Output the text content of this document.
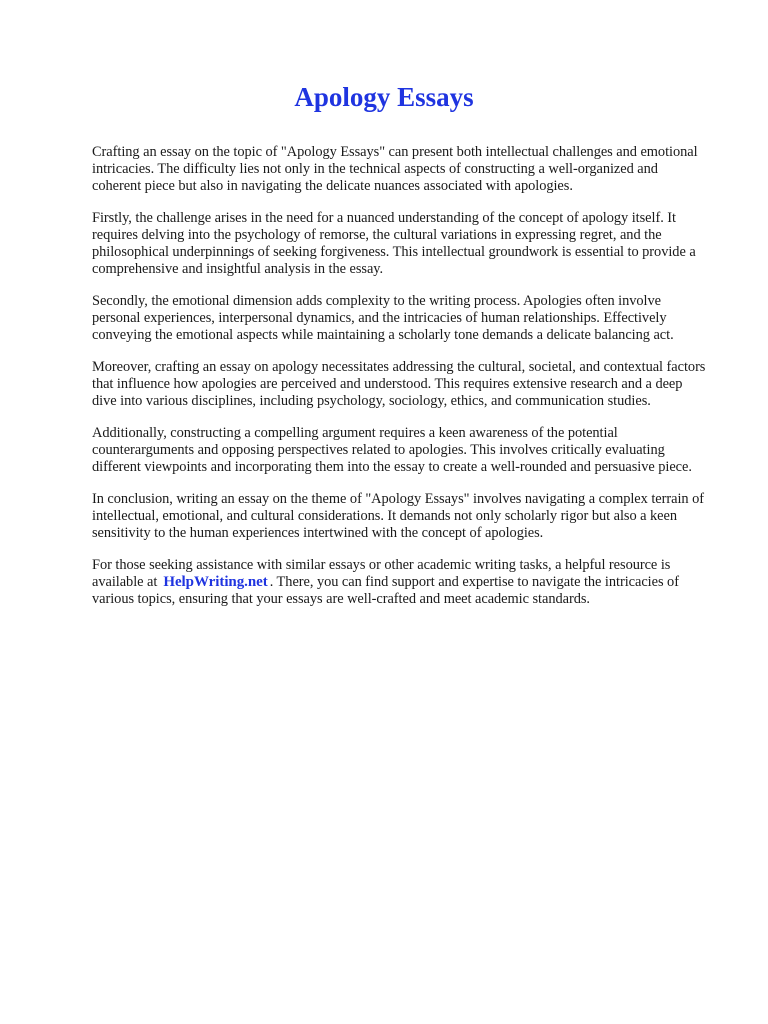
Apology Essays

Crafting an essay on the topic of "Apology Essays" can present both intellectual challenges and emotional intricacies. The difficulty lies not only in the technical aspects of constructing a well-organized and coherent piece but also in navigating the delicate nuances associated with apologies.

Firstly, the challenge arises in the need for a nuanced understanding of the concept of apology itself. It requires delving into the psychology of remorse, the cultural variations in expressing regret, and the philosophical underpinnings of seeking forgiveness. This intellectual groundwork is essential to provide a comprehensive and insightful analysis in the essay.

Secondly, the emotional dimension adds complexity to the writing process. Apologies often involve personal experiences, interpersonal dynamics, and the intricacies of human relationships. Effectively conveying the emotional aspects while maintaining a scholarly tone demands a delicate balancing act.

Moreover, crafting an essay on apology necessitates addressing the cultural, societal, and contextual factors that influence how apologies are perceived and understood. This requires extensive research and a deep dive into various disciplines, including psychology, sociology, ethics, and communication studies.

Additionally, constructing a compelling argument requires a keen awareness of the potential counterarguments and opposing perspectives related to apologies. This involves critically evaluating different viewpoints and incorporating them into the essay to create a well-rounded and persuasive piece.

In conclusion, writing an essay on the theme of "Apology Essays" involves navigating a complex terrain of intellectual, emotional, and cultural considerations. It demands not only scholarly rigor but also a keen sensitivity to the human experiences intertwined with the concept of apologies.

For those seeking assistance with similar essays or other academic writing tasks, a helpful resource is available at HelpWriting.net . There, you can find support and expertise to navigate the intricacies of various topics, ensuring that your essays are well-crafted and meet academic standards.
